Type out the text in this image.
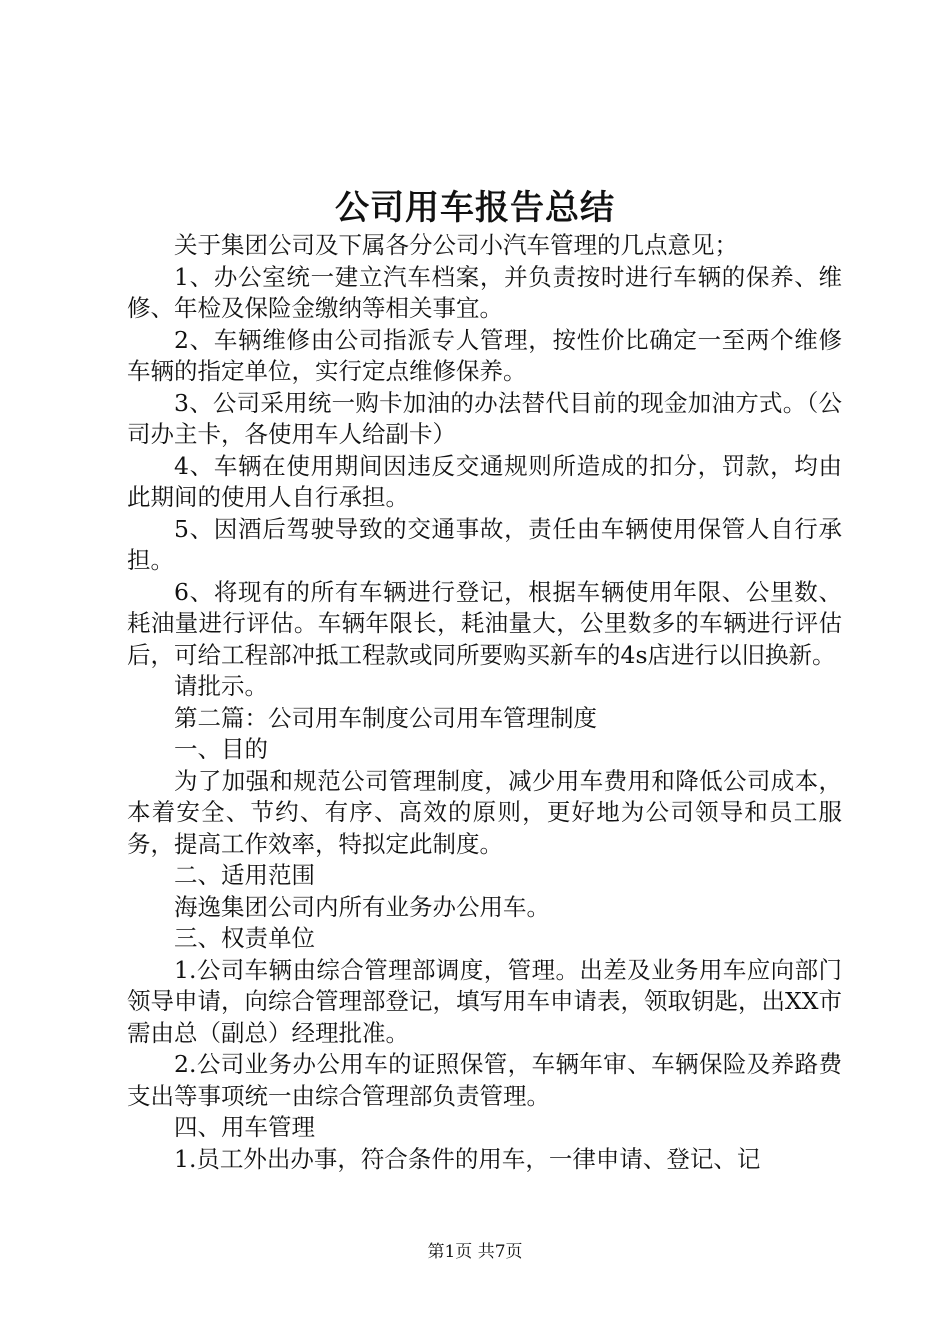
公司用车报告总结

关于集团公司及下属各分公司小汽车管理的几点意见；

1、办公室统一建立汽车档案，并负责按时进行车辆的保养、维修、年检及保险金缴纳等相关事宜。

2、车辆维修由公司指派专人管理，按性价比确定一至两个维修车辆的指定单位，实行定点维修保养。

3、公司采用统一购卡加油的办法替代目前的现金加油方式。（公司办主卡，各使用车人给副卡）

4、车辆在使用期间因违反交通规则所造成的扣分，罚款，均由此期间的使用人自行承担。

5、因酒后驾驶导致的交通事故，责任由车辆使用保管人自行承担。

6、将现有的所有车辆进行登记，根据车辆使用年限、公里数、耗油量进行评估。车辆年限长，耗油量大，公里数多的车辆进行评估后，可给工程部冲抵工程款或同所要购买新车的4s店进行以旧换新。

请批示。

第二篇：公司用车制度公司用车管理制度

一、目的

为了加强和规范公司管理制度，减少用车费用和降低公司成本，本着安全、节约、有序、高效的原则，更好地为公司领导和员工服务，提高工作效率，特拟定此制度。

二、适用范围

海逸集团公司内所有业务办公用车。

三、权责单位

1.公司车辆由综合管理部调度，管理。出差及业务用车应向部门领导申请，向综合管理部登记，填写用车申请表，领取钥匙，出XX市需由总（副总）经理批准。

2.公司业务办公用车的证照保管，车辆年审、车辆保险及养路费支出等事项统一由综合管理部负责管理。

四、用车管理

1.员工外出办事，符合条件的用车，一律申请、登记、记

第1页 共7页
